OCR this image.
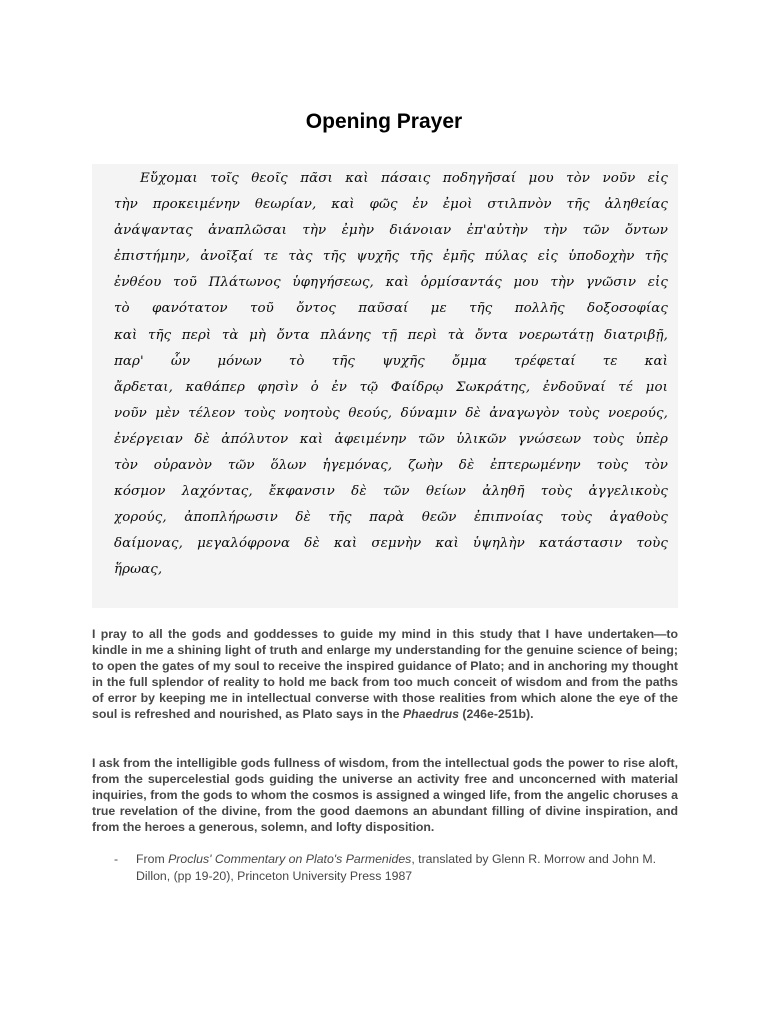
Opening Prayer
Εὔχομαι τοῖς θεοῖς πᾶσι καὶ πάσαις ποδηγῆσαί μου τὸν νοῦν εἰς
τὴν προκειμένην θεωρίαν, καὶ φῶς ἐν ἐμοὶ στιλπνὸν τῆς ἀληθείας
ἀνάψαντας ἀναπλῶσαι τὴν ἐμὴν διάνοιαν ἐπ'αὐτὴν τὴν τῶν ὄντων
ἐπιστήμην, ἀνοῖξαί τε τὰς τῆς ψυχῆς τῆς ἐμῆς πύλας εἰς ὑποδοχὴν τῆς
ἐνθέου τοῦ Πλάτωνος ὑφηγήσεως, καὶ ὁρμίσαντάς μου τὴν γνῶσιν εἰς
τὸ φανότατον τοῦ ὄντος παῦσαί με τῆς πολλῆς δοξοσοφίας
καὶ τῆς περὶ τὰ μὴ ὄντα πλάνης τῇ περὶ τὰ ὄντα νοερωτάτῃ διατριβῇ,
παρ' ὧν μόνων τὸ τῆς ψυχῆς ὄμμα τρέφεταί τε καὶ
ἄρδεται, καθάπερ φησὶν ὁ ἐν τῷ Φαίδρῳ Σωκράτης, ἐνδοῦναί τέ μοι
νοῦν μὲν τέλεον τοὺς νοητοὺς θεούς, δύναμιν δὲ ἀναγωγὸν τοὺς νοερούς,
ἐνέργειαν δὲ ἀπόλυτον καὶ ἀφειμένην τῶν ὑλικῶν γνώσεων τοὺς ὑπὲρ
τὸν οὐρανὸν τῶν ὅλων ἡγεμόνας, ζωὴν δὲ ἐπτερωμένην τοὺς τὸν
κόσμον λαχόντας, ἔκφανσιν δὲ τῶν θείων ἀληθῆ τοὺς ἀγγελικοὺς
χορούς, ἀποπλήρωσιν δὲ τῆς παρὰ θεῶν ἐπιπνοίας τοὺς ἀγαθοὺς
δαίμονας, μεγαλόφρονα δὲ καὶ σεμνὴν καὶ ὑψηλὴν κατάστασιν τοὺς
ἥρωας,

I pray to all the gods and goddesses to guide my mind in this study that I have undertaken—to kindle in me a shining light of truth and enlarge my understanding for the genuine science of being; to open the gates of my soul to receive the inspired guidance of Plato; and in anchoring my thought in the full splendor of reality to hold me back from too much conceit of wisdom and from the paths of error by keeping me in intellectual converse with those realities from which alone the eye of the soul is refreshed and nourished, as Plato says in the Phaedrus (246e-251b).

I ask from the intelligible gods fullness of wisdom, from the intellectual gods the power to rise aloft, from the supercelestial gods guiding the universe an activity free and unconcerned with material inquiries, from the gods to whom the cosmos is assigned a winged life, from the angelic choruses a true revelation of the divine, from the good daemons an abundant filling of divine inspiration, and from the heroes a generous, solemn, and lofty disposition.

- From Proclus' Commentary on Plato's Parmenides, translated by Glenn R. Morrow and John M. Dillon, (pp 19-20), Princeton University Press 1987
